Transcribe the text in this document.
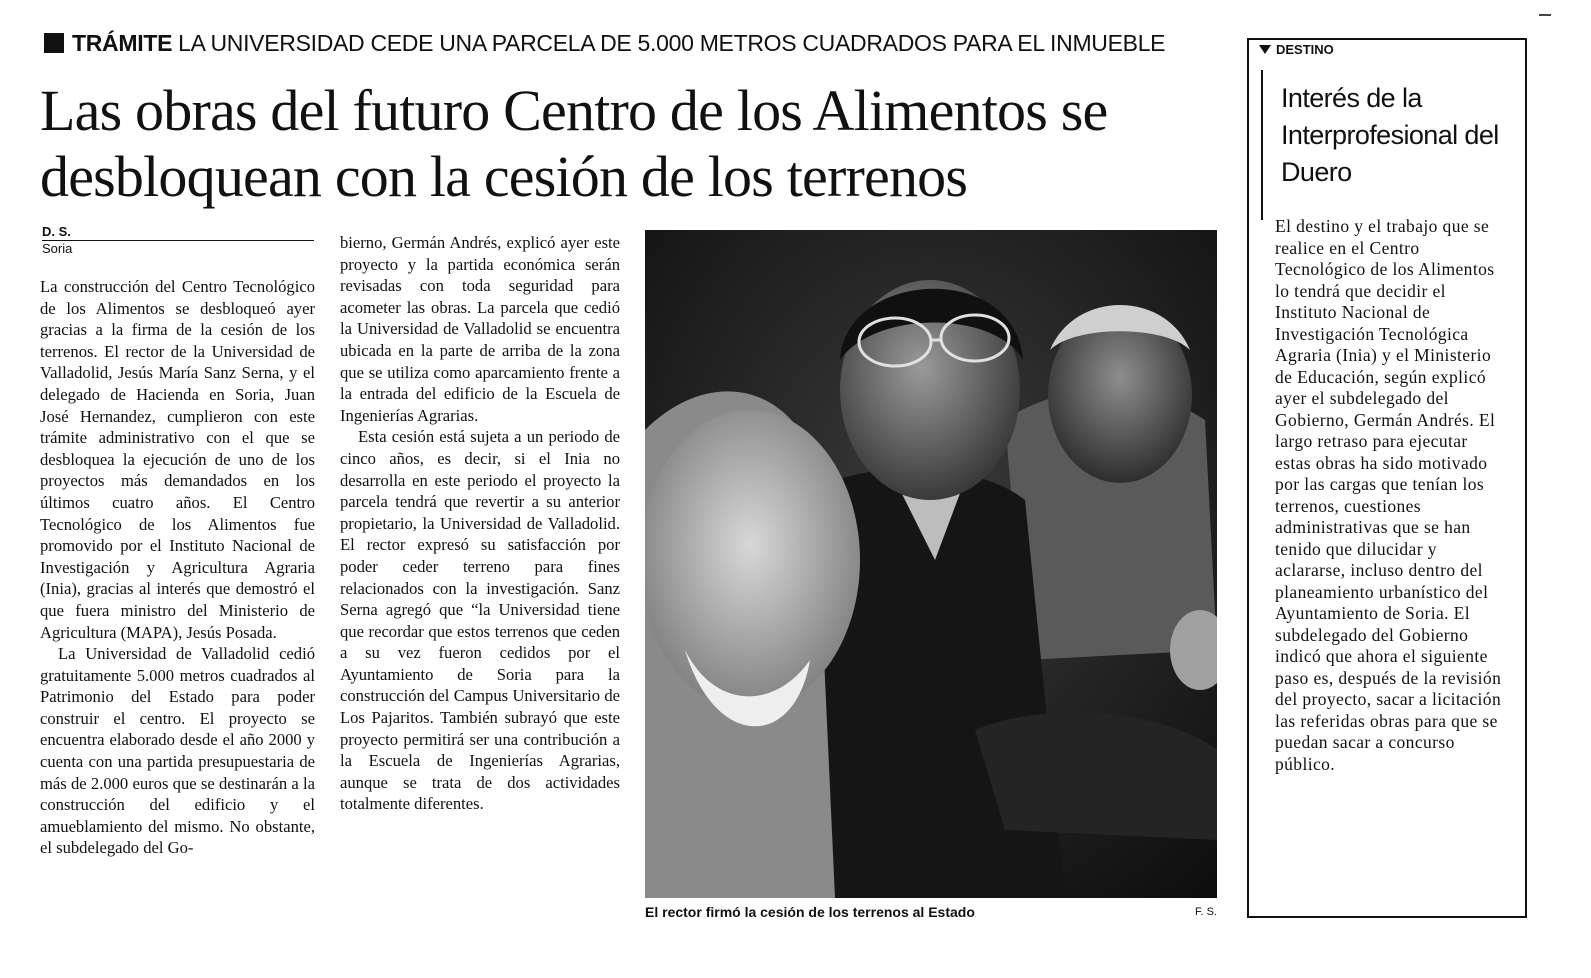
TRÁMITE LA UNIVERSIDAD CEDE UNA PARCELA DE 5.000 METROS CUADRADOS PARA EL INMUEBLE
Las obras del futuro Centro de los Alimentos se desbloquean con la cesión de los terrenos
D. S.
Soria

La construcción del Centro Tecnológico de los Alimentos se desbloqueó ayer gracias a la firma de la cesión de los terrenos. El rector de la Universidad de Valladolid, Jesús María Sanz Serna, y el delegado de Hacienda en Soria, Juan José Hernandez, cumplieron con este trámite administrativo con el que se desbloquea la ejecución de uno de los proyectos más demandados en los últimos cuatro años. El Centro Tecnológico de los Alimentos fue promovido por el Instituto Nacional de Investigación y Agricultura Agraria (Inia), gracias al interés que demostró el que fuera ministro del Ministerio de Agricultura (MAPA), Jesús Posada.

La Universidad de Valladolid cedió gratuitamente 5.000 metros cuadrados al Patrimonio del Estado para poder construir el centro. El proyecto se encuentra elaborado desde el año 2000 y cuenta con una partida presupuestaria de más de 2.000 euros que se destinarán a la construcción del edificio y el amueblamiento del mismo. No obstante, el subdelegado del Go-

bierno, Germán Andrés, explicó ayer este proyecto y la partida económica serán revisadas con toda seguridad para acometer las obras. La parcela que cedió la Universidad de Valladolid se encuentra ubicada en la parte de arriba de la zona que se utiliza como aparcamiento frente a la entrada del edificio de la Escuela de Ingenierías Agrarias.

Esta cesión está sujeta a un periodo de cinco años, es decir, si el Inia no desarrolla en este periodo el proyecto la parcela tendrá que revertir a su anterior propietario, la Universidad de Valladolid. El rector expresó su satisfacción por poder ceder terreno para fines relacionados con la investigación. Sanz Serna agregó que “la Universidad tiene que recordar que estos terrenos que ceden a su vez fueron cedidos por el Ayuntamiento de Soria para la construcción del Campus Universitario de Los Pajaritos. También subrayó que este proyecto permitirá ser una contribución a la Escuela de Ingenierías Agrarias, aunque se trata de dos actividades totalmente diferentes.

El rector firmó la cesión de los terrenos al Estado	F. S.
DESTINO
Interés de la Interprofesional del Duero
El destino y el trabajo que se realice en el Centro Tecnológico de los Alimentos lo tendrá que decidir el Instituto Nacional de Investigación Tecnológica Agraria (Inia) y el Ministerio de Educación, según explicó ayer el subdelegado del Gobierno, Germán Andrés. El largo retraso para ejecutar estas obras ha sido motivado por las cargas que tenían los terrenos, cuestiones administrativas que se han tenido que dilucidar y aclararse, incluso dentro del planeamiento urbanístico del Ayuntamiento de Soria. El subdelegado del Gobierno indicó que ahora el siguiente paso es, después de la revisión del proyecto, sacar a licitación las referidas obras para que se puedan sacar a concurso público.
